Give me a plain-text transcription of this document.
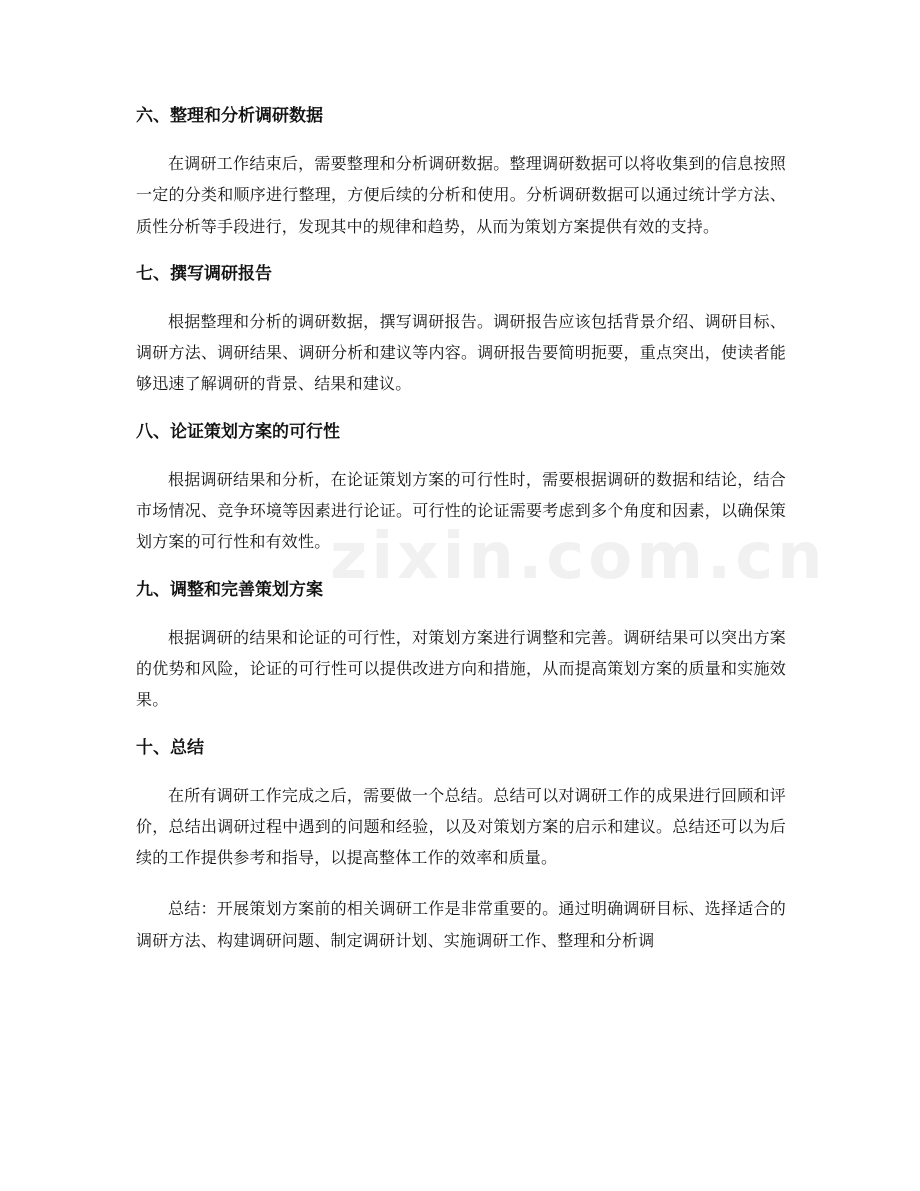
zixin.com.cn
六、整理和分析调研数据

在调研工作结束后，需要整理和分析调研数据。整理调研数据可以将收集到的信息按照一定的分类和顺序进行整理，方便后续的分析和使用。分析调研数据可以通过统计学方法、质性分析等手段进行，发现其中的规律和趋势，从而为策划方案提供有效的支持。

七、撰写调研报告

根据整理和分析的调研数据，撰写调研报告。调研报告应该包括背景介绍、调研目标、调研方法、调研结果、调研分析和建议等内容。调研报告要简明扼要，重点突出，使读者能够迅速了解调研的背景、结果和建议。

八、论证策划方案的可行性

根据调研结果和分析，在论证策划方案的可行性时，需要根据调研的数据和结论，结合市场情况、竞争环境等因素进行论证。可行性的论证需要考虑到多个角度和因素，以确保策划方案的可行性和有效性。

九、调整和完善策划方案

根据调研的结果和论证的可行性，对策划方案进行调整和完善。调研结果可以突出方案的优势和风险，论证的可行性可以提供改进方向和措施，从而提高策划方案的质量和实施效果。

十、总结

在所有调研工作完成之后，需要做一个总结。总结可以对调研工作的成果进行回顾和评价，总结出调研过程中遇到的问题和经验，以及对策划方案的启示和建议。总结还可以为后续的工作提供参考和指导，以提高整体工作的效率和质量。

总结：开展策划方案前的相关调研工作是非常重要的。通过明确调研目标、选择适合的调研方法、构建调研问题、制定调研计划、实施调研工作、整理和分析调
